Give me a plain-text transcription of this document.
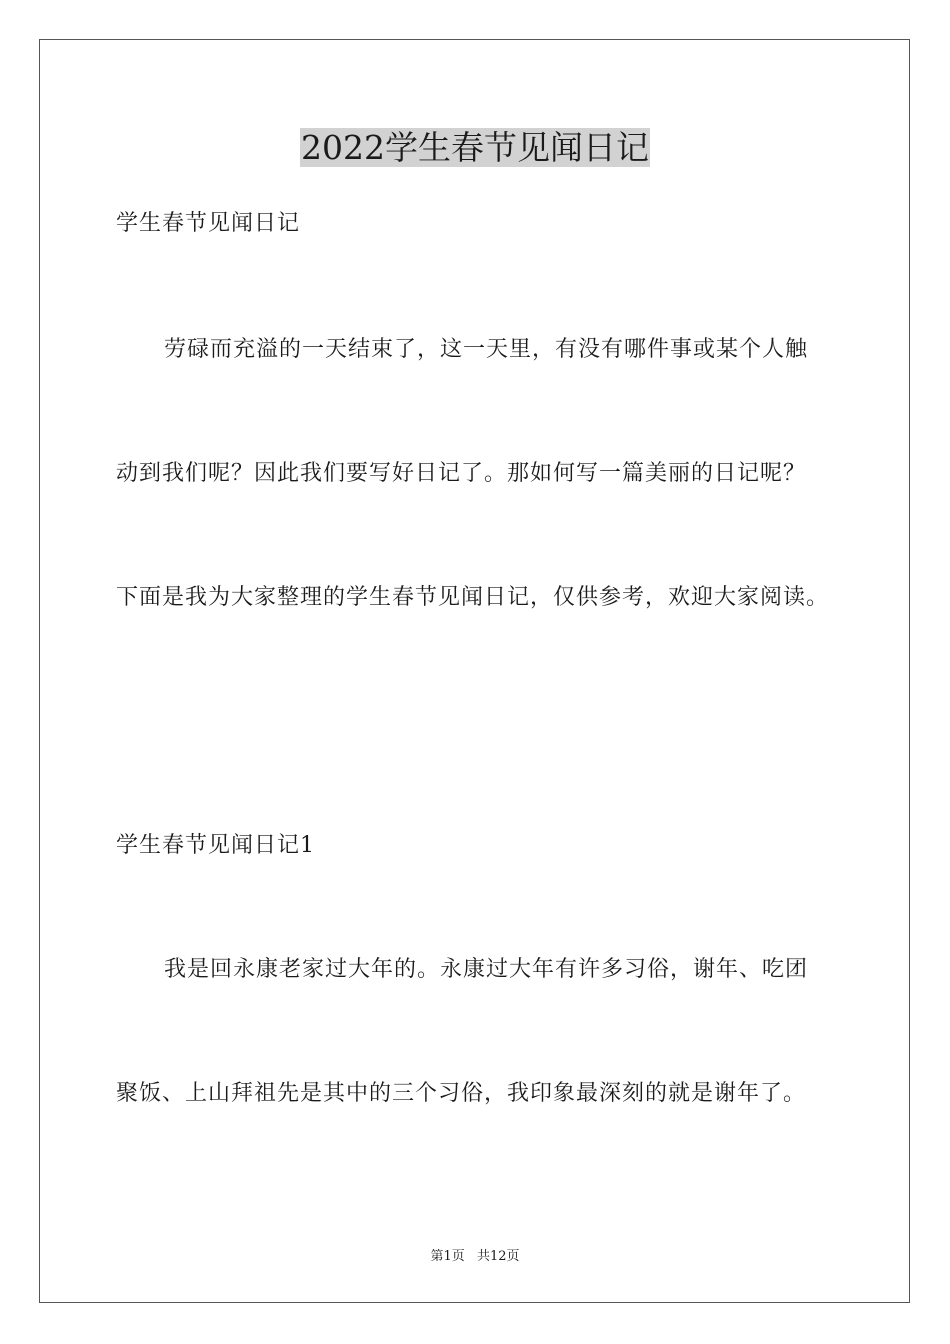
2022学生春节见闻日记
学生春节见闻日记
劳碌而充溢的一天结束了，这一天里，有没有哪件事或某个人触
动到我们呢？因此我们要写好日记了。那如何写一篇美丽的日记呢？
下面是我为大家整理的学生春节见闻日记，仅供参考，欢迎大家阅读。
学生春节见闻日记1
我是回永康老家过大年的。永康过大年有许多习俗，谢年、吃团
聚饭、上山拜祖先是其中的三个习俗，我印象最深刻的就是谢年了。
第1页 共12页
